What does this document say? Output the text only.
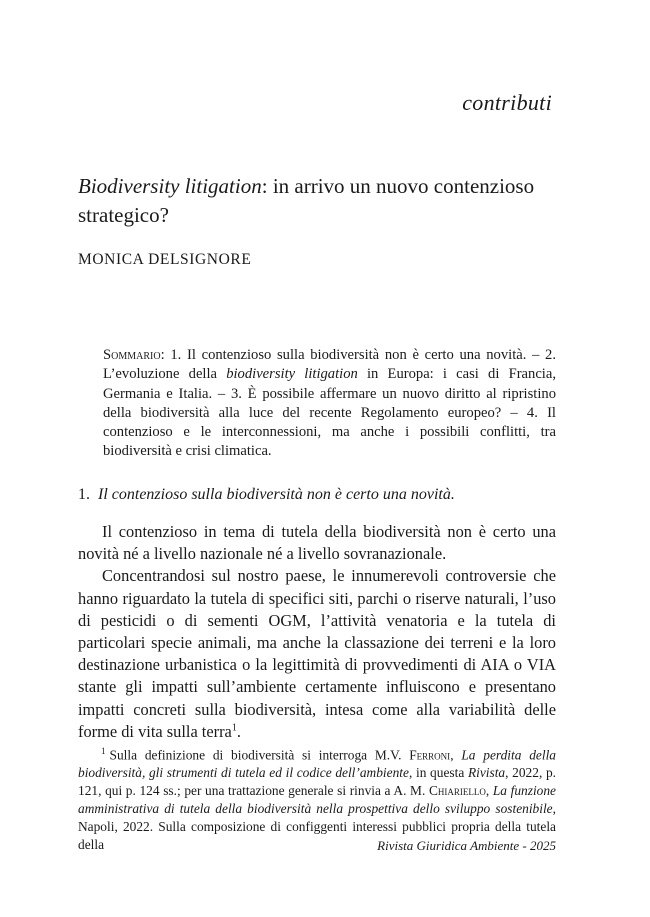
contributi
Biodiversity litigation: in arrivo un nuovo contenzioso strategico?
MONICA DELSIGNORE
Sommario: 1. Il contenzioso sulla biodiversità non è certo una novità. – 2. L’evoluzione della biodiversity litigation in Europa: i casi di Francia, Germania e Italia. – 3. È possibile affermare un nuovo diritto al ripristino della biodiversità alla luce del recente Regolamento europeo? – 4. Il contenzioso e le interconnessioni, ma anche i possibili conflitti, tra biodiversità e crisi climatica.
1. Il contenzioso sulla biodiversità non è certo una novità.

Il contenzioso in tema di tutela della biodiversità non è certo una novità né a livello nazionale né a livello sovranazionale.

Concentrandosi sul nostro paese, le innumerevoli controversie che hanno riguardato la tutela di specifici siti, parchi o riserve naturali, l’uso di pesticidi o di sementi OGM, l’attività venatoria e la tutela di particolari specie animali, ma anche la classazione dei terreni e la loro destinazione urbanistica o la legittimità di provvedimenti di AIA o VIA stante gli impatti sull’ambiente certamente influiscono e presentano impatti concreti sulla biodiversità, intesa come alla variabilità delle forme di vita sulla terra$^1$.

$^1$ Sulla definizione di biodiversità si interroga M.V. Ferroni, La perdita della biodiversità, gli strumenti di tutela ed il codice dell’ambiente, in questa Rivista, 2022, p. 121, qui p. 124 ss.; per una trattazione generale si rinvia a A. M. Chiariello, La funzione amministrativa di tutela della biodiversità nella prospettiva dello sviluppo sostenibile, Napoli, 2022. Sulla composizione di configgenti interessi pubblici propria della tutela della	Rivista Giuridica Ambiente - 2025
